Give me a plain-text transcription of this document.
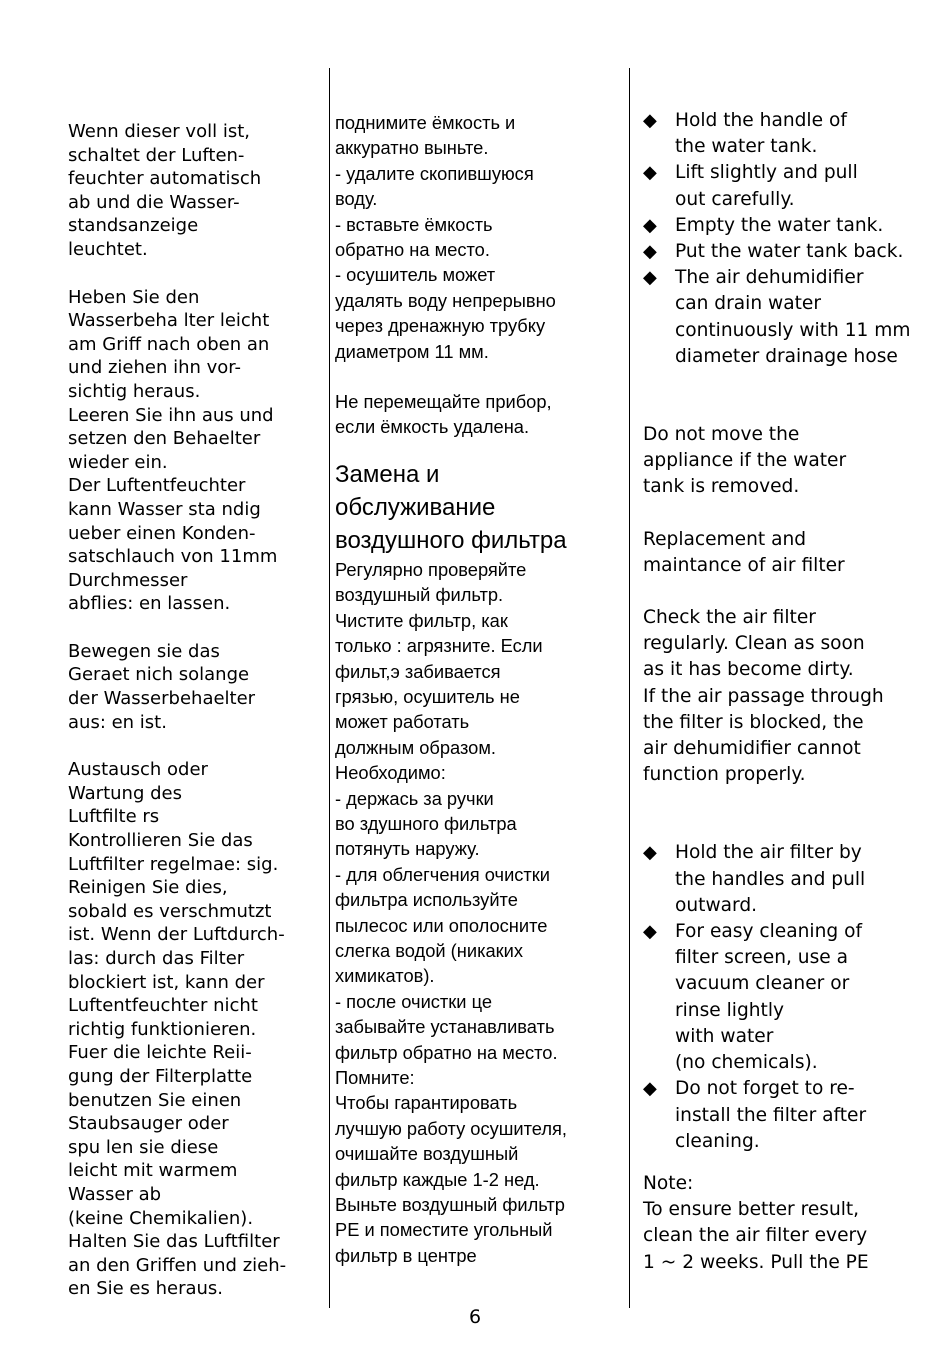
Wenn dieser voll ist,
schaltet der Luften-
feuchter automatisch
ab und die Wasser-
standsanzeige
leuchtet.
Heben Sie den
Wasserbeha lter leicht
am Griff nach oben an
und ziehen ihn vor-
sichtig heraus.
Leeren Sie ihn aus und
setzen den Behaelter
wieder ein.
Der Luftentfeuchter
kann Wasser sta ndig
ueber einen Konden-
satschlauch von 11mm
Durchmesser
abflies: en lassen.
Bewegen sie das
Geraet nich solange
der Wasserbehaelter
aus: en ist.
Austausch oder
Wartung des
Luftfilte rs
Kontrollieren Sie das
Luftfilter regelmae: sig.
Reinigen Sie dies,
sobald es verschmutzt
ist. Wenn der Luftdurch-
las: durch das Filter
blockiert ist, kann der
Luftentfeuchter nicht
richtig funktionieren.
Fuer die leichte Reii-
gung der Filterplatte
benutzen Sie einen
Staubsauger oder
spu len sie diese
leicht mit warmem
Wasser ab
(keine Chemikalien).
Halten Sie das Luftfilter
an den Griffen und zieh-
en Sie es heraus.
поднимите ёмкость и
аккуратно выньте.
- удалите скопившуюся
воду.
- вставьте ёмкость
обратно на место.
- осушитель может
удалять воду непрерывно
через дренажную трубку
диаметром 11 мм.
Не перемещайте прибор,
если ёмкость удалена.
Замена и
обслуживание
воздушного фильтра
Регулярно проверяйте
воздушный фильтр.
Чистите фильтр, как
только : агрязните. Если
фильт,э забивается
грязью, осушитель не
может работать
должным образом.
Необходимо:
- держась за ручки
во здушного фильтра
потянуть наружу.
- для облегчения очистки
фильтра используйте
пылесос или ополосните
слегка водой (никаких
химикатов).
- после очистки це
забывайте устанавливать
фильтр обратно на место.
Помните:
Чтобы гарантировать
лучшую работу осушителя,
очишайте воздушный
фильтр каждые 1-2 нед.
Выньте воздушный фильтр
РЕ и поместите угольный
фильтр в центре
◆ Hold the handle of
the water tank.
◆ Lift slightly and pull
out carefully.
◆ Empty the water tank.
◆ Put the water tank back.
◆ The air dehumidifier
can drain water
continuously with 11 mm
diameter drainage hose
Do not move the
appliance if the water
tank is removed.
Replacement and
maintance of air filter
Check the air filter
regularly. Clean as soon
as it has become dirty.
If the air passage through
the filter is blocked, the
air dehumidifier cannot
function properly.
◆ Hold the air filter by
the handles and pull
outward.
◆ For easy cleaning of
filter screen, use a
vacuum cleaner or
rinse lightly
with water
(no chemicals).
◆ Do not forget to re-
install the filter after
cleaning.
Note:
To ensure better result,
clean the air filter every
1 ~ 2 weeks. Pull the PE
6
